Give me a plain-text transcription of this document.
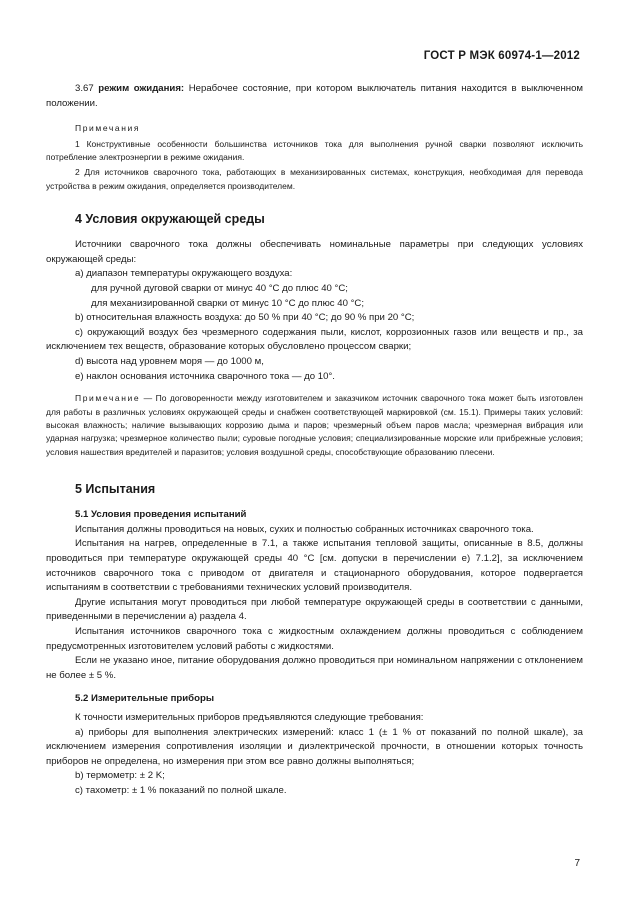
ГОСТ Р МЭК 60974-1—2012

3.67 режим ожидания: Нерабочее состояние, при котором выключатель питания находится в выключенном положении.

Примечания

1 Конструктивные особенности большинства источников тока для выполнения ручной сварки позволяют исключить потребление электроэнергии в режиме ожидания.

2 Для источников сварочного тока, работающих в механизированных системах, конструкция, необходимая для перевода устройства в режим ожидания, определяется производителем.

4 Условия окружающей среды

Источники сварочного тока должны обеспечивать номинальные параметры при следующих условиях окружающей среды:

a) диапазон температуры окружающего воздуха:

для ручной дуговой сварки от минус 40 °C до плюс 40 °C;

для механизированной сварки от минус 10 °C до плюс 40 °C;

b) относительная влажность воздуха: до 50 % при 40 °C; до 90 % при 20 °C;

c) окружающий воздух без чрезмерного содержания пыли, кислот, коррозионных газов или веществ и пр., за исключением тех веществ, образование которых обусловлено процессом сварки;

d) высота над уровнем моря — до 1000 м,

e) наклон основания источника сварочного тока — до 10°.

Примечание — По договоренности между изготовителем и заказчиком источник сварочного тока может быть изготовлен для работы в различных условиях окружающей среды и снабжен соответствующей маркировкой (см. 15.1). Примеры таких условий: высокая влажность; наличие вызывающих коррозию дыма и паров; чрезмерный объем паров масла; чрезмерная вибрация или ударная нагрузка; чрезмерное количество пыли; суровые погодные условия; специализированные морские или прибрежные условия; условия нашествия вредителей и паразитов; условия воздушной среды, способствующие образованию плесени.

5 Испытания

5.1 Условия проведения испытаний

Испытания должны проводиться на новых, сухих и полностью собранных источниках сварочного тока.

Испытания на нагрев, определенные в 7.1, а также испытания тепловой защиты, описанные в 8.5, должны проводиться при температуре окружающей среды 40 °C [см. допуски в перечислении e) 7.1.2], за исключением источников сварочного тока с приводом от двигателя и стационарного оборудования, которое подвергается испытаниям в соответствии с требованиями технических условий производителя.

Другие испытания могут проводиться при любой температуре окружающей среды в соответствии с данными, приведенными в перечислении a) раздела 4.

Испытания источников сварочного тока с жидкостным охлаждением должны проводиться с соблюдением предусмотренных изготовителем условий работы с жидкостями.

Если не указано иное, питание оборудования должно проводиться при номинальном напряжении с отклонением не более ± 5 %.

5.2 Измерительные приборы

К точности измерительных приборов предъявляются следующие требования:

a) приборы для выполнения электрических измерений: класс 1 (± 1 % от показаний по полной шкале), за исключением измерения сопротивления изоляции и диэлектрической прочности, в отношении которых точность приборов не определена, но измерения при этом все равно должны выполняться;

b) термометр: ± 2 K;

c) тахометр: ± 1 % показаний по полной шкале.

7
